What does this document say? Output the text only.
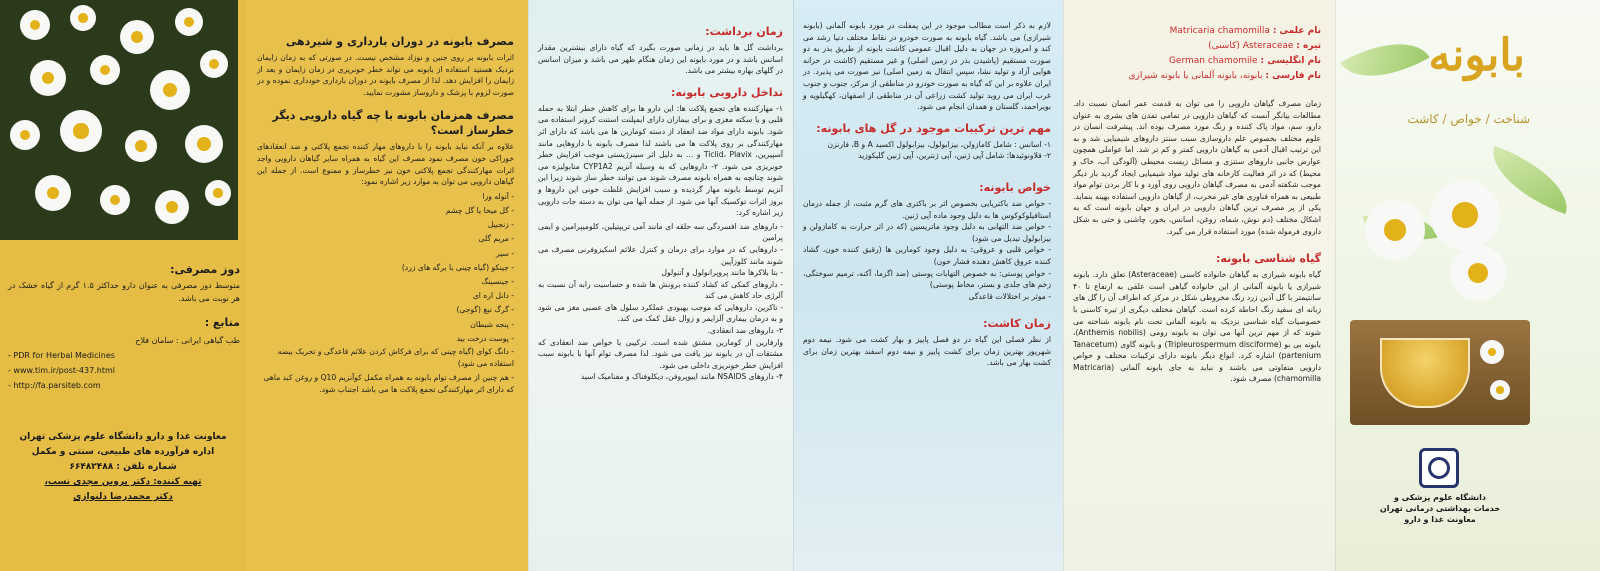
دوز مصرفی:
متوسط دوز مصرفی به عنوان دارو حداکثر ۱.۵ گرم از گیاه خشک در هر نوبت می باشد.
منابع :
طب گیاهی ایرانی : سامان فلاح
- PDR for Herbal Medicines
- www.tim.ir/post-437.html
- http://fa.parsiteb.com
معاونت غذا و دارو دانشگاه علوم پزشکی تهران
اداره فرآورده های طبیعی، سنتی و مکمل
شماره تلفن : ۶۶۴۸۲۴۸۸
تهیه کننده: دکتر پروین مجدی نسب،
دکتر محمدرضا دلنوازی
مصرف بابونه در دوران بارداری و شیردهی
اثرات بابونه بر روی جنین و نوزاد مشخص نیست. در صورتی که به زمان زایمان نزدیک هستید استفاده از بابونه می تواند خطر خونریزی در زمان زایمان و بعد از زایمان را افزایش دهد. لذا از مصرف بابونه در دوران بارداری خودداری نموده و در صورت لزوم با پزشک و داروساز مشورت نمایید.
مصرف همزمان بابونه با چه گیاه دارویی دیگر خطرساز است؟
علاوه بر آنکه نباید بابونه را با داروهای مهار کننده تجمع پلاکتی و ضد انعقادهای خوراکی خون مصرف نمود مصرف این گیاه به همراه سایر گیاهان دارویی واجد اثرات مهارکنندگی تجمع پلاکتی خون نیز خطرساز و ممنوع است. از جمله این گیاهان دارویی می توان به موارد زیر اشاره نمود:
- آنوله ورا
- گل میخا یا گل چشم
- زنجبیل
- مریم گلی
- سیر
- جینکو (گیاه چینی با برگه های زرد)
- جینسینگ
- دانل اره ای
- گرگ تیغ (گوجی)
- پنجه شیطان
- پوست درخت بید
- دانگ کوای (گیاه چینی که برای فرکاش کردن علائم قاعدگی و تحریک بیضه استفاده می شود)
- هم چنین از مصرف توام بابونه به همراه مکمل کوآنزیم Q10 و روغن کبد ماهی که دارای اثر مهارکنندگی تجمع پلاکت ها می باشد اجتناب شود.
زمان برداشت:
برداشت گل ها باید در زمانی صورت بگیرد که گیاه دارای بیشترین مقدار اسانس باشد و در مورد بابونه این زمان هنگام ظهر می باشد و میزان اسانس در گلهای بهاره بیشتر می باشد.
تداخل دارویی بابونه:
۱- مهارکننده های تجمع پلاکت ها: این دارو ها برای کاهش خطر ابتلا به حمله قلبی و یا سکته مغزی و برای بیماران دارای ایمپلنت استنت کرونر استفاده می شود. بابونه دارای مواد ضد انعقاد از دسته کومارین ها می باشد که دارای اثر مهارکنندگی بر روی پلاکت ها می باشند لذا مصرف بابونه با داروهایی مانند آسپیرین، Ticlid، Plavix و ... به دلیل اثر سینرژیستی موجب افزایش خطر خونریزی می شود. ۲- داروهایی که به وسیله آنزیم CYP1A2 متابولیزه می شوند چنانچه به همراه بابونه مصرف شوند می توانند خطر ساز شوند زیرا این آنزیم توسط بابونه مهار گردیده و سبب افزایش غلظت خونی این داروها و بروز اثرات توکسیک آنها می شود. از جمله آنها می توان به دسته جات دارویی زیر اشاره کرد:
- داروهای ضد افسردگی سه حلقه ای مانند آمی تریپتیلین، کلومیپرامین و ایمی پرامین
- داروهایی که در موارد برای درمان و کنترل علائم اسکیزوفرنی مصرف می شوند مانند کلوزآپین
- بتا بلاکرها مانند پروپرانولول و آتنولول
- داروهای کمکی که کشاد کننده برونش ها شده و حساسیت رابه آن نسبت به آلرژی حاد کاهش می کند
- تاکرین، داروهایی که موجب بهبودی عملکرد سلول های عصبی مغز می شود و به درمان بیماری آلزایمر و زوال عقل کمک می کند.
۳- داروهای ضد انعقادی.
وارفارین از کومارین مشتق شده است. ترکیبی با خواص ضد انعقادی که مشتقات آن در بابونه نیز یافت می شود. لذا مصرف توام آنها با بابونه سبب افزایش خطر خونریزی داخلی می شود.
۴- داروهای NSAIDS مانند ایبوپروفن، دیکلوفناک و مفنامیک اسید
لازم به ذکر است مطالب موجود در این پمفلت در مورد بابونه آلمانی (بابونه شیرازی) می باشد. گیاه بابونه به صورت خودرو در نقاط مختلف دنیا رشد می کند و امروزه در جهان به دلیل اقبال عمومی کاشت بابونه از طریق بذر به دو صورت مستقیم (پاشیدن بذر در زمین اصلی) و غیر مستقیم (کاشت در خزانه هوایی آزاد و تولید نشا، سپس انتقال به زمین اصلی) نیز صورت می پذیرد. در ایران علاوه بر این که گیاه به صورت خودرو در مناطقی از مرکز، جنوب و جنوب غرب ایران می روید تولید کشت زراعی آن در مناطقی از اصفهان، کهگیلویه و بویراحمد، گلستان و همدان انجام می شود.
مهم ترین ترکیبات موجود در گل های بابونه:
۱- اسانس : شامل کامازولن، بیزابولول، بیزابولول اکسید A و B، فارنزن
۲- فلاونوئیدها: شامل آپی ژنین، آپی ژنترین، آپی ژنین گلیکوزید
خواص بابونه:
- خواص ضد باکتریایی بخصوص اثر بر باکتری های گرم مثبت، از جمله درمان استافیلوکوکوس ها به دلیل وجود ماده آپی ژنین.
- خواص ضد التهابی به دلیل وجود ماتریسین (که در اثر حرارت به کامازولن و بیزابولول تبدیل می شود)
- خواص قلبی و عروقی: به دلیل وجود کومارین ها (رقیق کننده خون، گشاد کننده عروق کاهش دهنده فشار خون)
- خواص پوستی: به خصوص التهابات پوستی (ضد اگزما، آکنه، ترمیم سوختگی، زخم های جلدی و بستر، مخاط پوستی)
- موثر بر اختلالات قاعدگی
زمان کاشت:
از نظر فصلی این گیاه در دو فصل پاییز و بهار کشت می شود. نیمه دوم شهریور بهترین زمان برای کشت پاییز و نیمه دوم اسفند بهترین زمان برای کشت بهار می باشد.
نام علمی : Matricaria chamomilla
تیره : Asteraceae (کاسنی)
نام انگلیسی : German chamomile
نام فارسی : بابونه، بابونه آلمانی یا بابونه شیرازی
زمان مصرف گیاهان دارویی را می توان به قدمت عمر انسان نسبت داد. مطالعات بیانگر آنست که گیاهان دارویی در تمامی تمدن های بشری به عنوان دارو، سم، مواد پاک کننده و رنگ مورد مصرف بوده اند. پیشرفت انسان در علوم مختلف بخصوص علم داروسازی سبب سنتز داروهای شیمیایی شد و به این ترتیب اقبال آدمی به گیاهان دارویی کمتر و کم تر شد. اما عواملی همچون عوارض جانبی داروهای سنتزی و مسائل زیست محیطی (آلودگی آب، خاک و محیط) که در اثر فعالیت کارخانه های تولید مواد شیمیایی ایجاد گردید بار دیگر موجب شکفته آدمی به مصرف گیاهان دارویی روی آورد و با کار بردن توام مواد طبیعی به همراه فناوری های غیر مخرب، از گیاهان دارویی استفاده بهینه بنماید. یکی از پر مصرف ترین گیاهان دارویی در ایران و جهان بابونه است که به اشکال مختلف (دم نوش، شماه، روغن، اسانس، بخور، چاشنی و حتی به شکل داروی فرموله شده) مورد استفاده قرار می گیرد.
گیاه شناسی بابونه:
گیاه بابونه شیرازی به گیاهان خانواده کاسنی (Asteraceae) تعلق دارد. بابونه شیرازی یا بابونه آلمانی از این خانواده گیاهی است علفی به ارتفاع تا ۴۰ سانتیمتر با گل آذین زرد رنگ مخروطی شکل در مرکز که اطراف آن را گل های زبانه ای سفید رنگ احاطه کرده است. گیاهان مختلف دیگری از تیره کاسنی با خصوصیات گیاه شناسی نزدیک به بابونه آلمانی تحت نام بابونه شناخته می شوند که از مهم ترین آنها می توان به بابونه رومی (Anthemis nobilis)، بابونه بی بو (Tripleurospermum disciforme) و بابونه گاوی (Tanacetum partenium) اشاره کرد. انواع دیگر بابونه دارای ترکیبات مختلف و خواص دارویی متفاوتی می باشند و نباید به جای بابونه آلمانی (Matricaria chamomilla) مصرف شود.
بابونه
شناخت / خواص / کاشت
دانشگاه علوم پزشکی و
خدمات بهداشتی درمانی تهران
معاونت غذا و دارو
